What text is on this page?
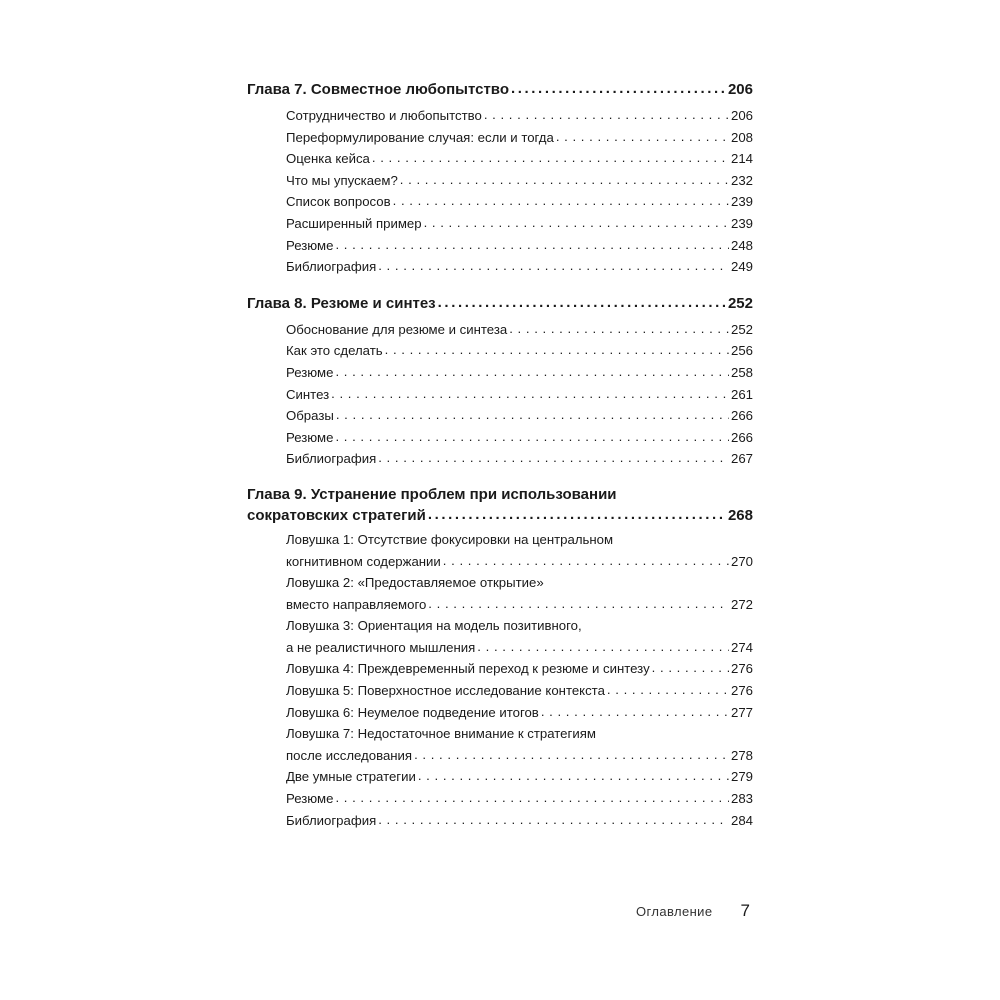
Глава 7. Совместное любопытство .....	206
Сотрудничество и любопытство . . .	206
Переформулирование случая: если и тогда . . .	208
Оценка кейса . . .	214
Что мы упускаем? . . .	232
Список вопросов . . .	239
Расширенный пример . . .	239
Резюме . . .	248
Библиография . . .	249
Глава 8. Резюме и синтез .....	252
Обоснование для резюме и синтеза . . .	252
Как это сделать . . .	256
Резюме . . .	258
Синтез . . .	261
Образы . . .	266
Резюме . . .	266
Библиография . . .	267
Глава 9. Устранение проблем при использовании
сократовских стратегий .....	268
Ловушка 1: Отсутствие фокусировки на центральном
когнитивном содержании . . .	270
Ловушка 2: «Предоставляемое открытие»
вместо направляемого . . .	272
Ловушка 3: Ориентация на модель позитивного,
а не реалистичного мышления . . .	274
Ловушка 4: Преждевременный переход к резюме и синтезу . . .	276
Ловушка 5: Поверхностное исследование контекста . . .	276
Ловушка 6: Неумелое подведение итогов . . .	277
Ловушка 7: Недостаточное внимание к стратегиям
после исследования . . .	278
Две умные стратегии . . .	279
Резюме . . .	283
Библиография . . .	284
Оглавление 7
